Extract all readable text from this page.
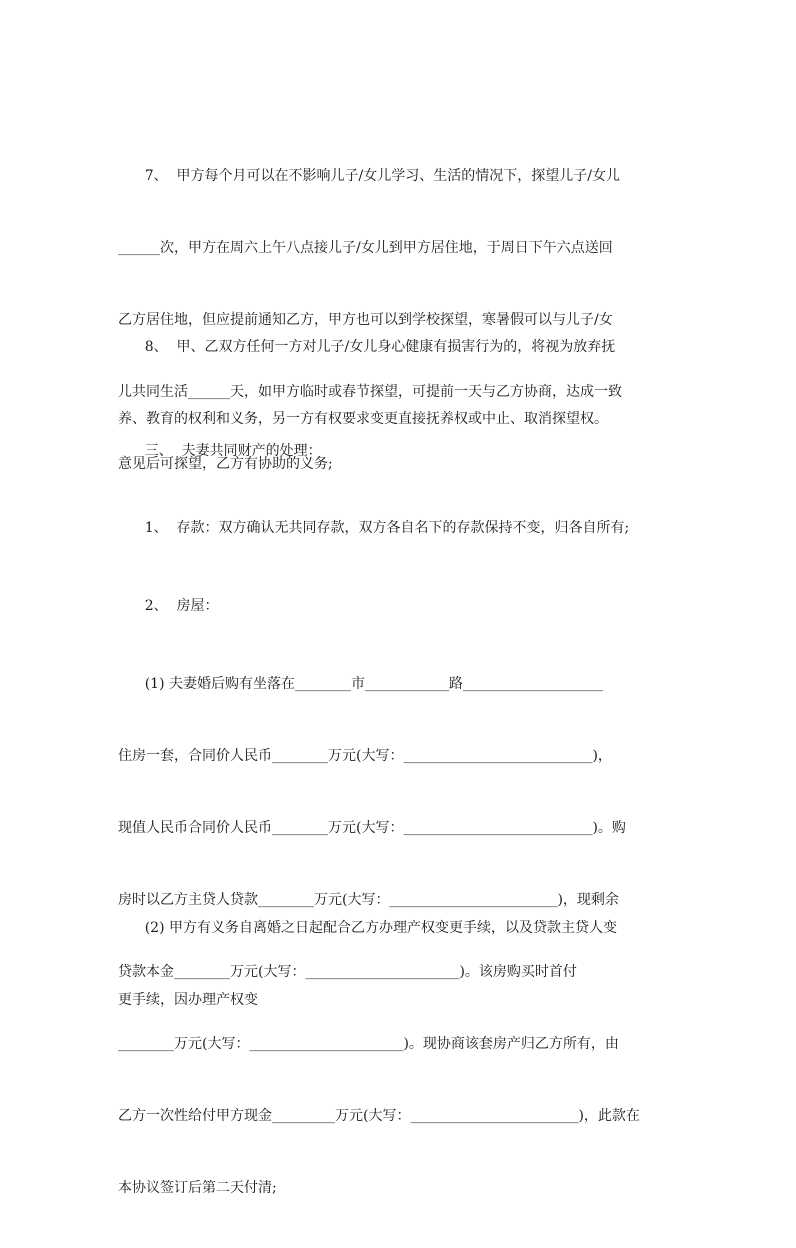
7、  甲方每个月可以在不影响儿子/女儿学习、生活的情况下，探望儿子/女儿

______次，甲方在周六上午八点接儿子/女儿到甲方居住地，于周日下午六点送回

乙方居住地，但应提前通知乙方，甲方也可以到学校探望，寒暑假可以与儿子/女

儿共同生活______天，如甲方临时或春节探望，可提前一天与乙方协商，达成一致

意见后可探望，乙方有协助的义务;

8、  甲、乙双方任何一方对儿子/女儿身心健康有损害行为的，将视为放弃抚

养、教育的权利和义务，另一方有权要求变更直接抚养权或中止、取消探望权。

三、  夫妻共同财产的处理：

1、  存款：双方确认无共同存款，双方各自名下的存款保持不变，归各自所有;

2、  房屋：

(1) 夫妻婚后购有坐落在________市____________路____________________

住房一套，合同价人民币________万元(大写：___________________________)，

现值人民币合同价人民币________万元(大写：___________________________)。购

房时以乙方主贷人贷款________万元(大写：________________________)，现剩余

贷款本金________万元(大写：______________________)。该房购买时首付

________万元(大写：______________________)。现协商该套房产归乙方所有，由

乙方一次性给付甲方现金_________万元(大写：________________________)，此款在

本协议签订后第二天付清;

(2) 甲方有义务自离婚之日起配合乙方办理产权变更手续，以及贷款主贷人变

更手续，因办理产权变
